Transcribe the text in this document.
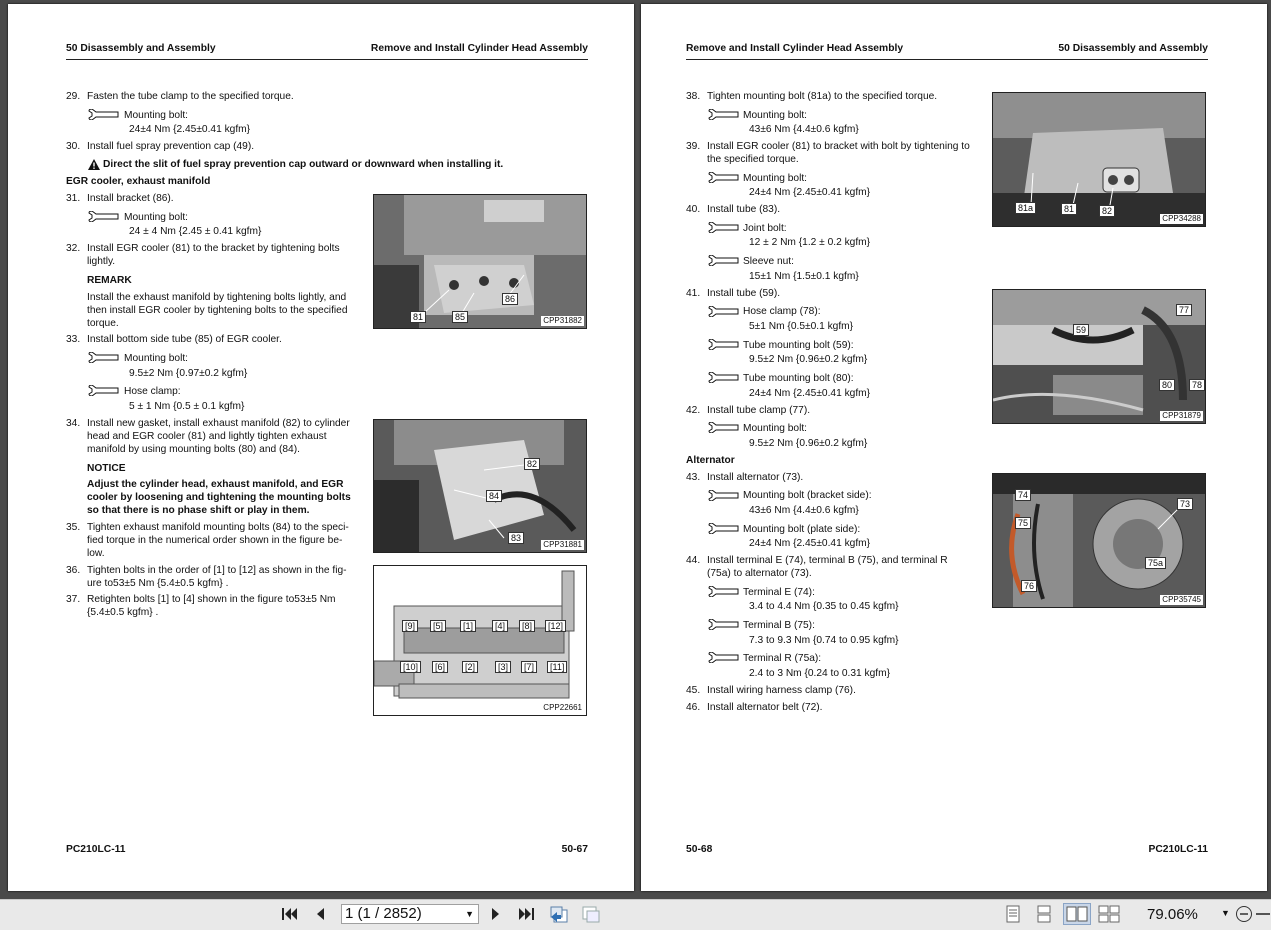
50 Disassembly and Assembly	Remove and Install Cylinder Head Assembly
29. Fasten the tube clamp to the specified torque.
Mounting bolt:
24±4 Nm {2.45±0.41 kgfm}
30. Install fuel spray prevention cap (49).
Direct the slit of fuel spray prevention cap outward or downward when installing it.
EGR cooler, exhaust manifold
31. Install bracket (86).
Mounting bolt:
24 ± 4 Nm {2.45 ± 0.41 kgfm}
32. Install EGR cooler (81) to the bracket by tightening bolts
lightly.
REMARK
Install the exhaust manifold by tightening bolts lightly, and
then install EGR cooler by tightening bolts to the specified
torque.
33. Install bottom side tube (85) of EGR cooler.
Mounting bolt:
9.5±2 Nm {0.97±0.2 kgfm}
Hose clamp:
5 ± 1 Nm {0.5 ± 0.1 kgfm}
34. Install new gasket, install exhaust manifold (82) to cylinder
head and EGR cooler (81) and lightly tighten exhaust
manifold by using mounting bolts (80) and (84).
NOTICE
Adjust the cylinder head, exhaust manifold, and EGR
cooler by loosening and tightening the mounting bolts
so that there is no phase shift or play in them.
35. Tighten exhaust manifold mounting bolts (84) to the speci-
fied torque in the numerical order shown in the figure be-
low.
36. Tighten bolts in the order of [1] to [12] as shown in the fig-
ure to53±5 Nm {5.4±0.5 kgfm} .
37. Retighten bolts [1] to [4] shown in the figure to53±5 Nm
{5.4±0.5 kgfm} .
81	85
86
CPP31882
82
84
83
CPP31881
[9]	[5]	[1]	[4]	[8]	[12]
[10]	[6]	[2]	[3]	[7]	[11]
CPP22661
PC210LC-11	50-67
Remove and Install Cylinder Head Assembly	50 Disassembly and Assembly
38. Tighten mounting bolt (81a) to the specified torque.
Mounting bolt:
43±6 Nm {4.4±0.6 kgfm}
39. Install EGR cooler (81) to bracket with bolt by tightening to
the specified torque.
Mounting bolt:
24±4 Nm {2.45±0.41 kgfm}
40. Install tube (83).
Joint bolt:
12 ± 2 Nm {1.2 ± 0.2 kgfm}
Sleeve nut:
15±1 Nm {1.5±0.1 kgfm}
41. Install tube (59).
Hose clamp (78):
5±1 Nm {0.5±0.1 kgfm}
Tube mounting bolt (59):
9.5±2 Nm {0.96±0.2 kgfm}
Tube mounting bolt (80):
24±4 Nm {2.45±0.41 kgfm}
42. Install tube clamp (77).
Mounting bolt:
9.5±2 Nm {0.96±0.2 kgfm}
Alternator
43. Install alternator (73).
Mounting bolt (bracket side):
43±6 Nm {4.4±0.6 kgfm}
Mounting bolt (plate side):
24±4 Nm {2.45±0.41 kgfm}
44. Install terminal E (74), terminal B (75), and terminal R
(75a) to alternator (73).
Terminal E (74):
3.4 to 4.4 Nm {0.35 to 0.45 kgfm}
Terminal B (75):
7.3 to 9.3 Nm {0.74 to 0.95 kgfm}
Terminal R (75a):
2.4 to 3 Nm {0.24 to 0.31 kgfm}
45. Install wiring harness clamp (76).
46. Install alternator belt (72).
81a	81	82
CPP34288
59
77
80	78
CPP31879
74
73
75
75a
76
CPP35745
50-68	PC210LC-11
1 (1 / 2852)	▼	79.06%	▼
